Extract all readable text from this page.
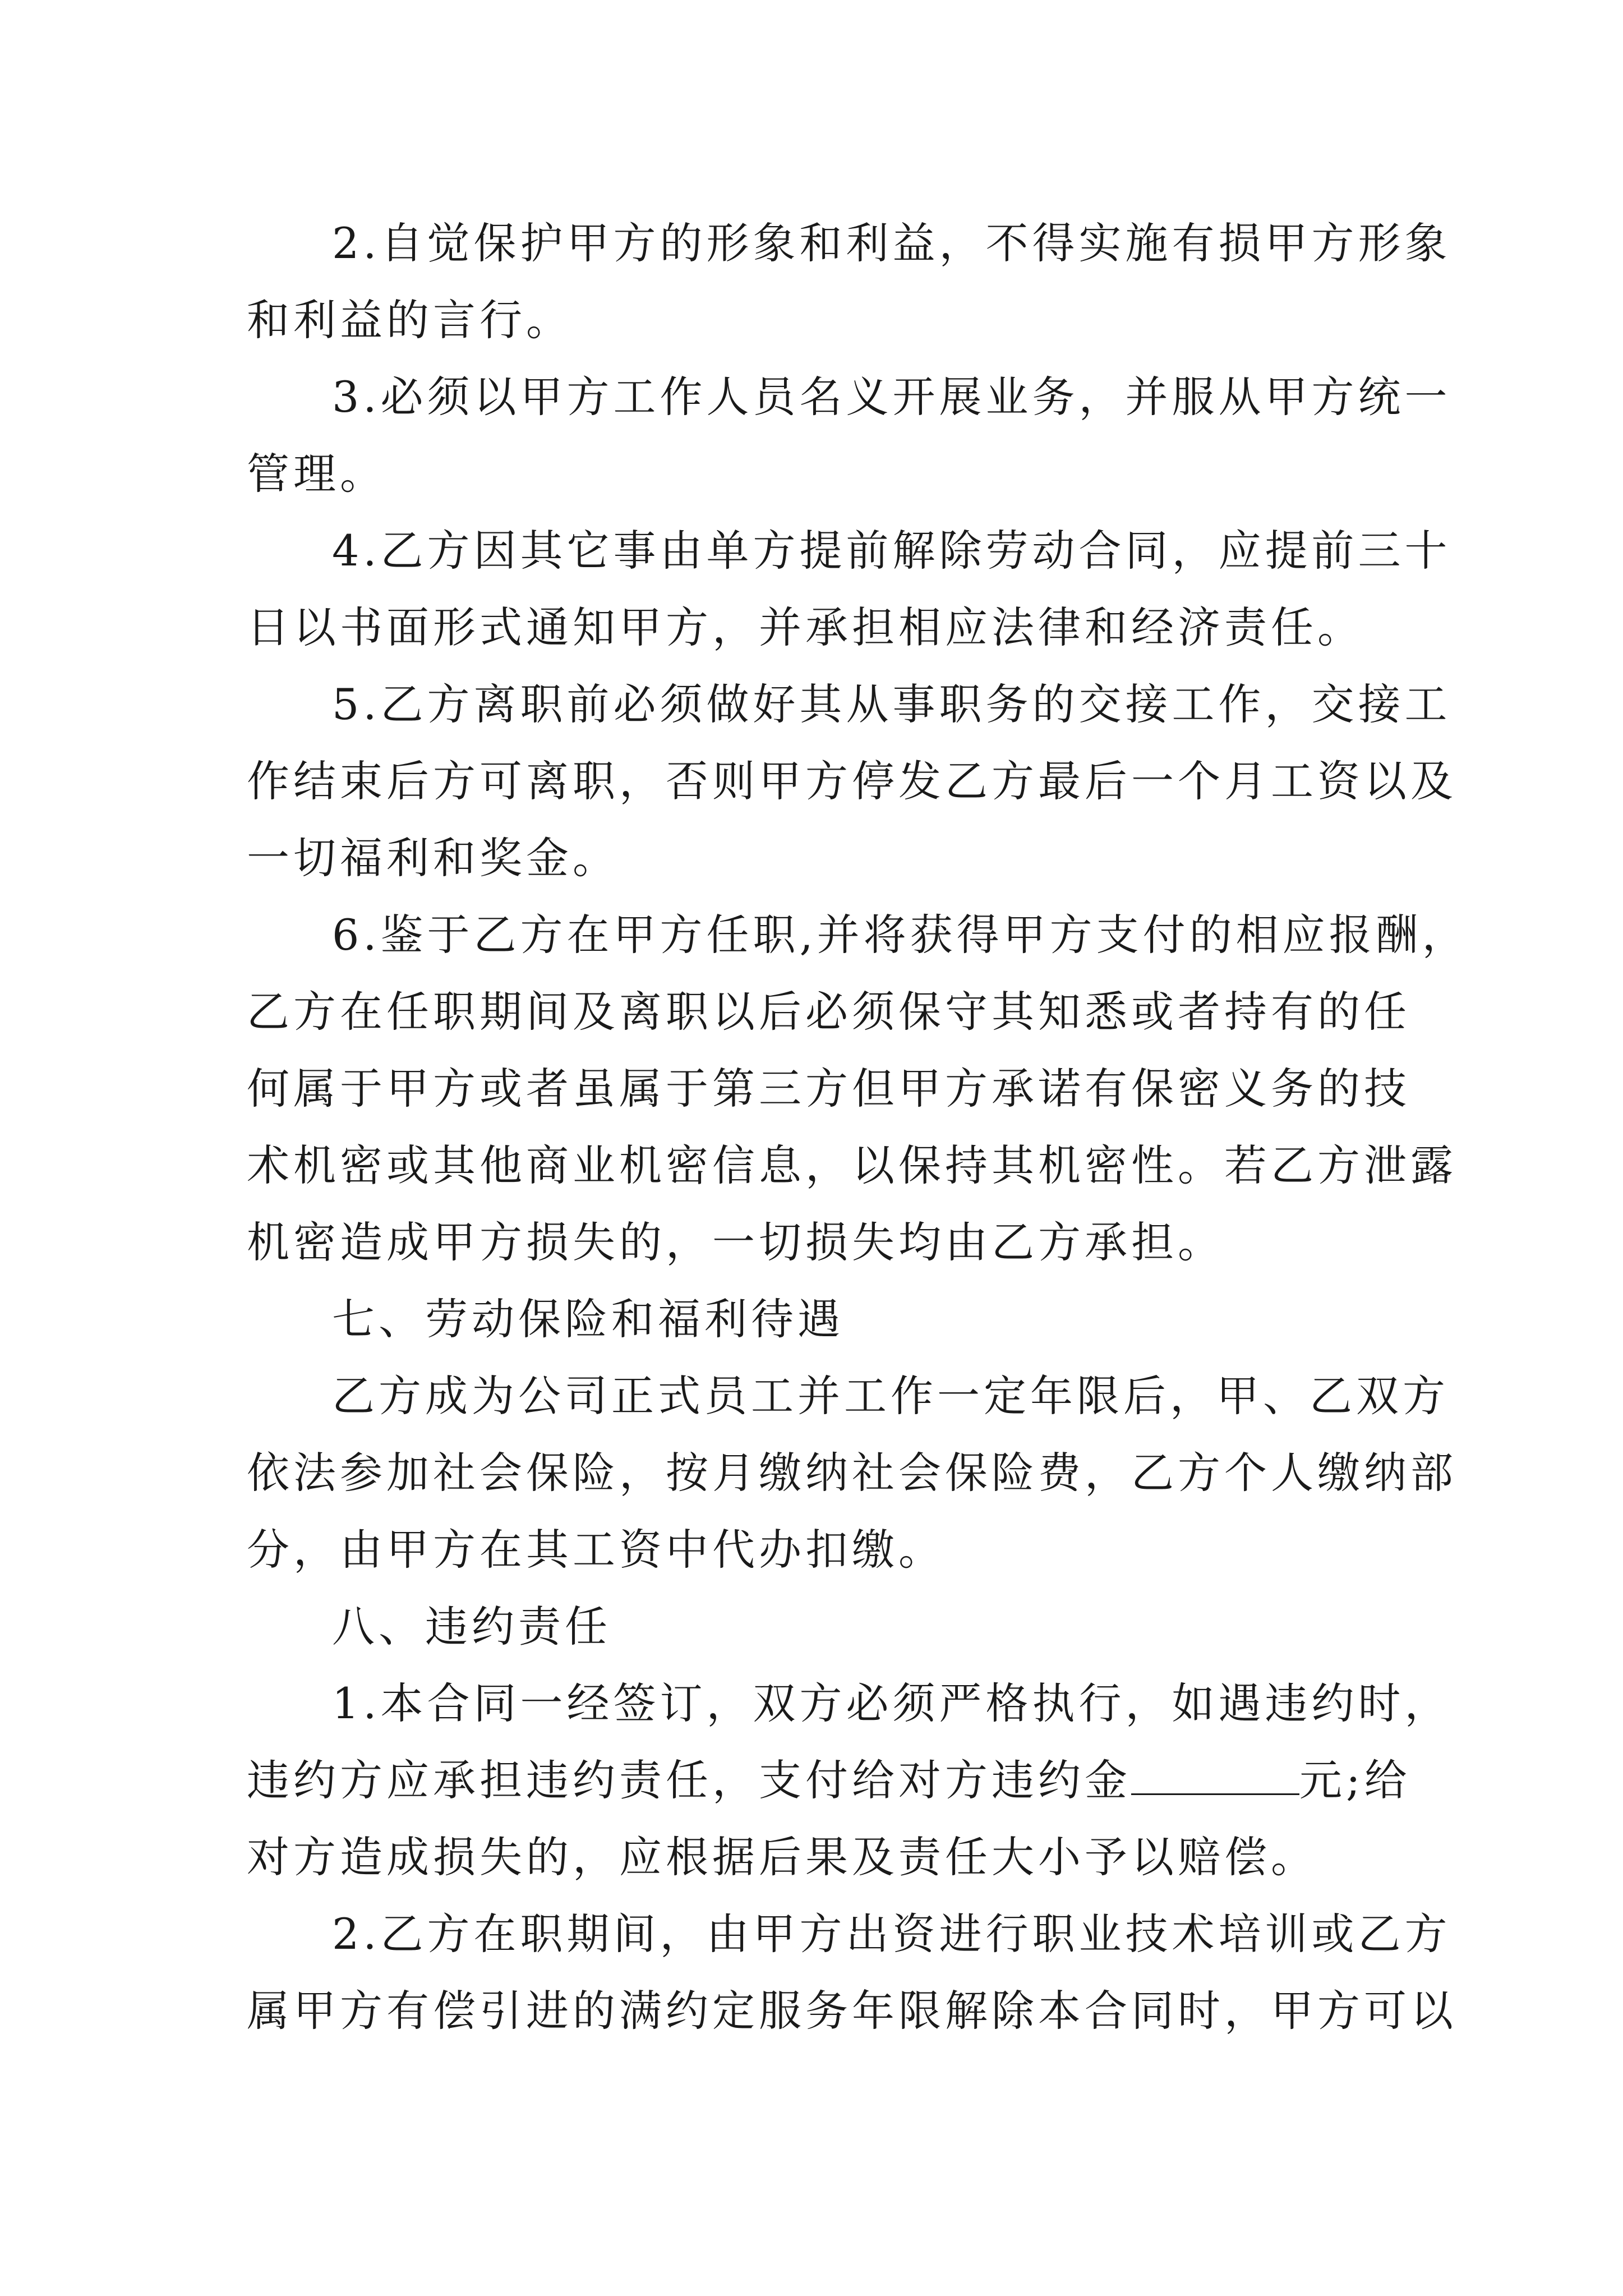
2.自觉保护甲方的形象和利益，不得实施有损甲方形象
和利益的言行。

3.必须以甲方工作人员名义开展业务，并服从甲方统一
管理。

4.乙方因其它事由单方提前解除劳动合同，应提前三十
日以书面形式通知甲方，并承担相应法律和经济责任。

5.乙方离职前必须做好其从事职务的交接工作，交接工
作结束后方可离职，否则甲方停发乙方最后一个月工资以及
一切福利和奖金。

6.鉴于乙方在甲方任职,并将获得甲方支付的相应报酬，
乙方在任职期间及离职以后必须保守其知悉或者持有的任
何属于甲方或者虽属于第三方但甲方承诺有保密义务的技
术机密或其他商业机密信息，以保持其机密性。若乙方泄露
机密造成甲方损失的，一切损失均由乙方承担。

七、劳动保险和福利待遇

乙方成为公司正式员工并工作一定年限后，甲、乙双方
依法参加社会保险，按月缴纳社会保险费，乙方个人缴纳部
分，由甲方在其工资中代办扣缴。

八、违约责任

1.本合同一经签订，双方必须严格执行，如遇违约时，
违约方应承担违约责任，支付给对方违约金	元;给
对方造成损失的，应根据后果及责任大小予以赔偿。

2.乙方在职期间，由甲方出资进行职业技术培训或乙方
属甲方有偿引进的满约定服务年限解除本合同时，甲方可以
